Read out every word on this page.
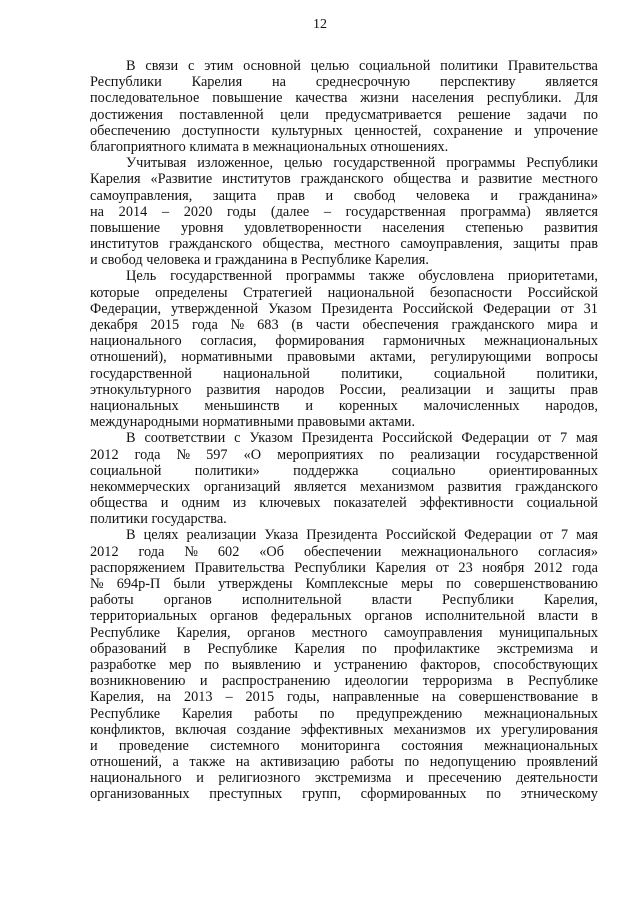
12
В связи с этим основной целью социальной политики Правительства
Республики Карелия на среднесрочную перспективу является
последовательное повышение качества жизни населения республики. Для
достижения поставленной цели предусматривается решение задачи по
обеспечению доступности культурных ценностей, сохранение и упрочение
благоприятного климата в межнациональных отношениях.
Учитывая изложенное, целью государственной программы Республики
Карелия «Развитие институтов гражданского общества и развитие местного
самоуправления, защита прав и свобод человека и гражданина»
на 2014 – 2020 годы (далее – государственная программа) является
повышение уровня удовлетворенности населения степенью развития
институтов гражданского общества, местного самоуправления, защиты прав
и свобод человека и гражданина в Республике Карелия.
Цель государственной программы также обусловлена приоритетами,
которые определены Стратегией национальной безопасности Российской
Федерации, утвержденной Указом Президента Российской Федерации от 31
декабря 2015 года № 683 (в части обеспечения гражданского мира и
национального согласия, формирования гармоничных межнациональных
отношений), нормативными правовыми актами, регулирующими вопросы
государственной национальной политики, социальной политики,
этнокультурного развития народов России, реализации и защиты прав
национальных меньшинств и коренных малочисленных народов,
международными нормативными правовыми актами.
В соответствии с Указом Президента Российской Федерации от 7 мая
2012 года № 597 «О мероприятиях по реализации государственной
социальной политики» поддержка социально ориентированных
некоммерческих организаций является механизмом развития гражданского
общества и одним из ключевых показателей эффективности социальной
политики государства.
В целях реализации Указа Президента Российской Федерации от 7 мая
2012 года № 602 «Об обеспечении межнационального согласия»
распоряжением Правительства Республики Карелия от 23 ноября 2012 года
№ 694р-П были утверждены Комплексные меры по совершенствованию
работы органов исполнительной власти Республики Карелия,
территориальных органов федеральных органов исполнительной власти в
Республике Карелия, органов местного самоуправления муниципальных
образований в Республике Карелия по профилактике экстремизма и
разработке мер по выявлению и устранению факторов, способствующих
возникновению и распространению идеологии терроризма в Республике
Карелия, на 2013 – 2015 годы, направленные на совершенствование в
Республике Карелия работы по предупреждению межнациональных
конфликтов, включая создание эффективных механизмов их урегулирования
и проведение системного мониторинга состояния межнациональных
отношений, а также на активизацию работы по недопущению проявлений
национального и религиозного экстремизма и пресечению деятельности
организованных преступных групп, сформированных по этническому
